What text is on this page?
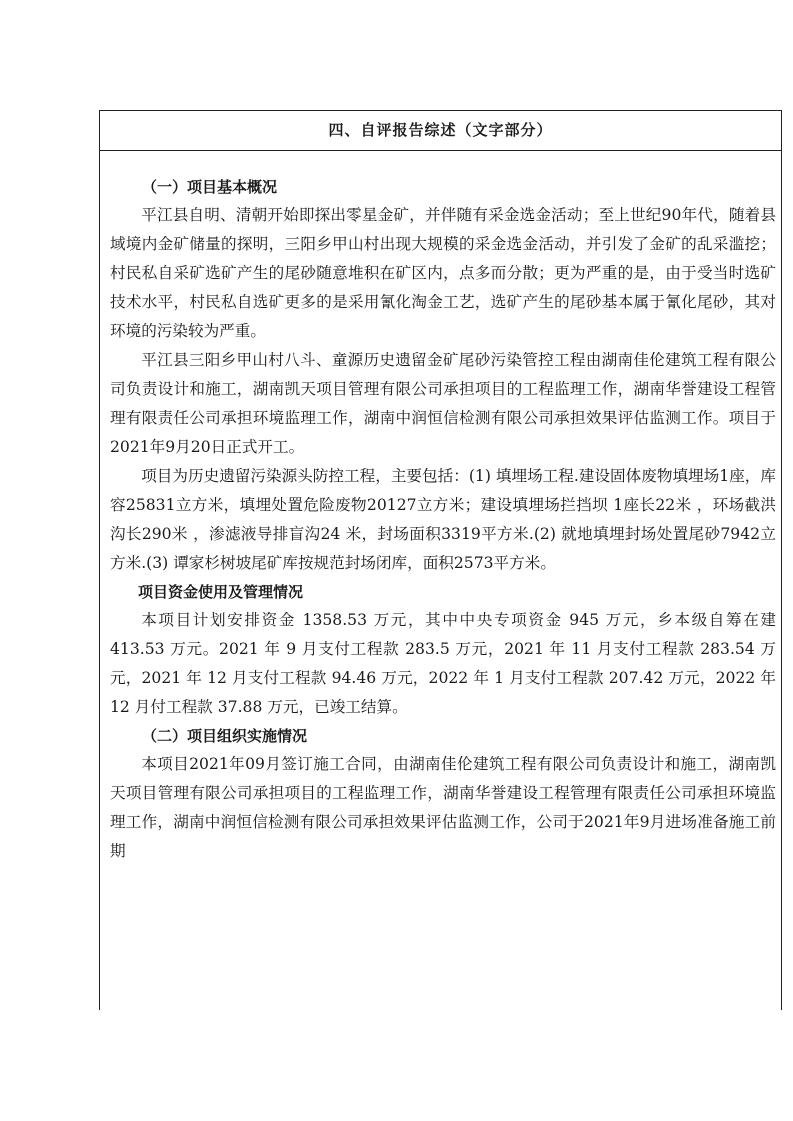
四、自评报告综述（文字部分）
（一）项目基本概况

平江县自明、清朝开始即探出零星金矿，并伴随有采金选金活动；至上世纪90年代，随着县域境内金矿储量的探明，三阳乡甲山村出现大规模的采金选金活动，并引发了金矿的乱采滥挖；村民私自采矿选矿产生的尾砂随意堆积在矿区内，点多而分散；更为严重的是，由于受当时选矿技术水平，村民私自选矿更多的是采用氰化淘金工艺，选矿产生的尾砂基本属于氰化尾砂，其对环境的污染较为严重。

平江县三阳乡甲山村八斗、童源历史遗留金矿尾砂污染管控工程由湖南佳伦建筑工程有限公司负责设计和施工，湖南凯天项目管理有限公司承担项目的工程监理工作，湖南华誉建设工程管理有限责任公司承担环境监理工作，湖南中润恒信检测有限公司承担效果评估监测工作。项目于2021年9月20日正式开工。

项目为历史遗留污染源头防控工程，主要包括：(1) 填埋场工程.建设固体废物填埋场1座，库容25831立方米，填埋处置危险废物20127立方米；建设填埋场拦挡坝 1座长22米 ，环场截洪沟长290米 ，渗滤液导排盲沟24 米，封场面积3319平方米.(2) 就地填埋封场处置尾砂7942立 方米.(3) 谭家杉树坡尾矿库按规范封场闭库，面积2573平方米。

项目资金使用及管理情况

本项目计划安排资金 1358.53 万元，其中中央专项资金 945 万元，乡本级自筹在建 413.53 万元。2021 年 9 月支付工程款 283.5 万元，2021 年 11 月支付工程款 283.54 万元，2021 年 12 月支付工程款 94.46 万元，2022 年 1 月支付工程款 207.42 万元，2022 年 12 月付工程款 37.88 万元，已竣工结算。

（二）项目组织实施情况

本项目2021年09月签订施工合同，由湖南佳伦建筑工程有限公司负责设计和施工，湖南凯天项目管理有限公司承担项目的工程监理工作，湖南华誉建设工程管理有限责任公司承担环境监理工作，湖南中润恒信检测有限公司承担效果评估监测工作，公司于2021年9月进场准备施工前期
